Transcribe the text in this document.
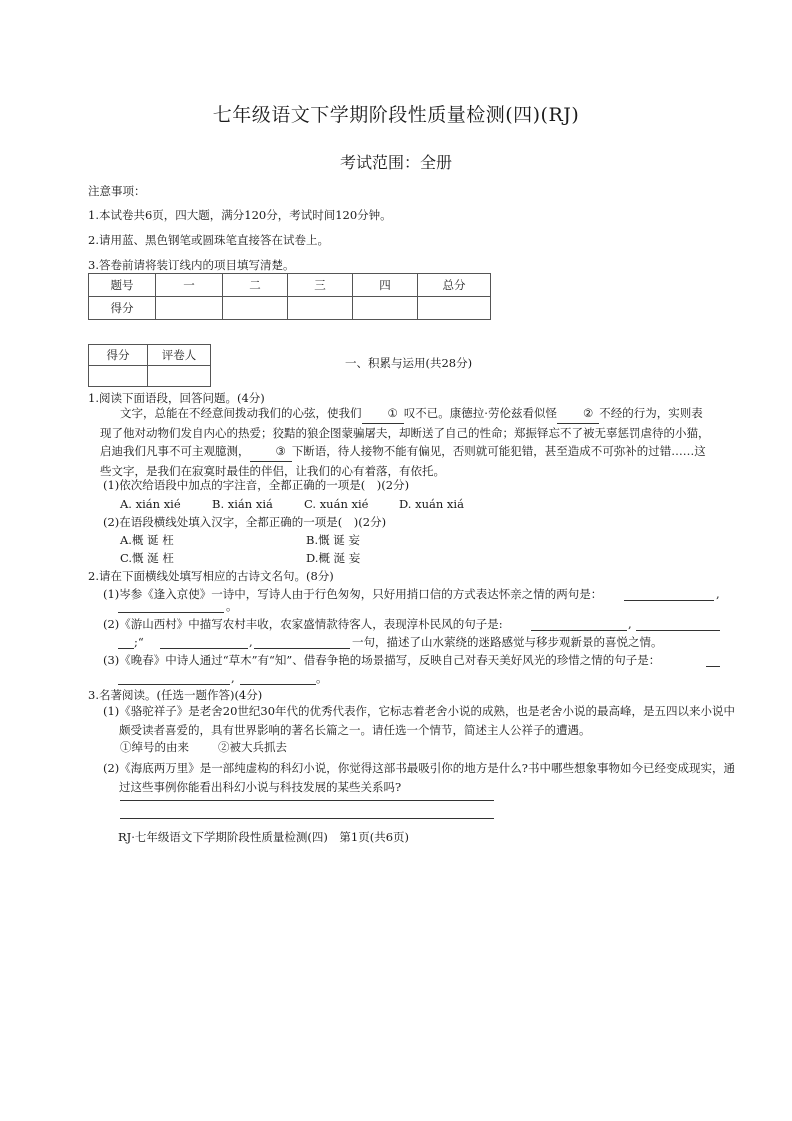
七年级语文下学期阶段性质量检测(四)(RJ)
考试范围：全册
注意事项：
1.本试卷共6页，四大题，满分120分，考试时间120分钟。
2.请用蓝、黑色钢笔或圆珠笔直接答在试卷上。
3.答卷前请将装订线内的项目填写清楚。
题号	一	二	三	四	总分
得分					
得分	评卷人

一、积累与运用(共28分)
1.阅读下面语段，回答问题。(4分)
文字，总能在不经意间拨动我们的心弦，使我们 ① 叹不已。康德拉·劳伦兹看似怪 ② 不经的行为，实则表现了他对动物们发自内心的热爱；狡黠的狼企图蒙骗屠夫，却断送了自己的性命；郑振铎忘不了被无辜惩罚虐待的小猫，启迪我们凡事不可主观臆测， ③ 下断语，待人接物不能有偏见，否则就可能犯错，甚至造成不可弥补的过错……这些文字，是我们在寂寞时最佳的伴侣，让我们的心有着落，有依托。
(1)依次给语段中加点的字注音，全都正确的一项是(　)(2分)
A. xián xié	B. xián xiá	C. xuán xié	D. xuán xiá
(2)在语段横线处填入汉字，全都正确的一项是(　)(2分)
A.概 诞 枉	B.慨 诞 妄
C.慨 涎 枉	D.概 涎 妄
2.请在下面横线处填写相应的古诗文名句。(8分)
(1)岑参《逢入京使》一诗中，写诗人由于行色匆匆，只好用捎口信的方式表达怀亲之情的两句是：	,
。
(2)《游山西村》中描写农村丰收，农家盛情款待客人，表现淳朴民风的句子是:	,
;“	,	一句，描述了山水萦绕的迷路感觉与移步观新景的喜悦之情。
(3)《晚春》中诗人通过“草木”有“知”、借春争艳的场景描写，反映自己对春天美好风光的珍惜之情的句子是：
,	。
3.名著阅读。(任选一题作答)(4分)
(1)《骆驼祥子》是老舍20世纪30年代的优秀代表作，它标志着老舍小说的成熟，也是老舍小说的最高峰，是五四以来小说中颇受读者喜爱的，具有世界影响的著名长篇之一。请任选一个情节，简述主人公祥子的遭遇。
①绰号的由来	②被大兵抓去
(2)《海底两万里》是一部纯虚构的科幻小说，你觉得这部书最吸引你的地方是什么?书中哪些想象事物如今已经变成现实，通过这些事例你能看出科幻小说与科技发展的某些关系吗?
RJ·七年级语文下学期阶段性质量检测(四)　第1页(共6页)
